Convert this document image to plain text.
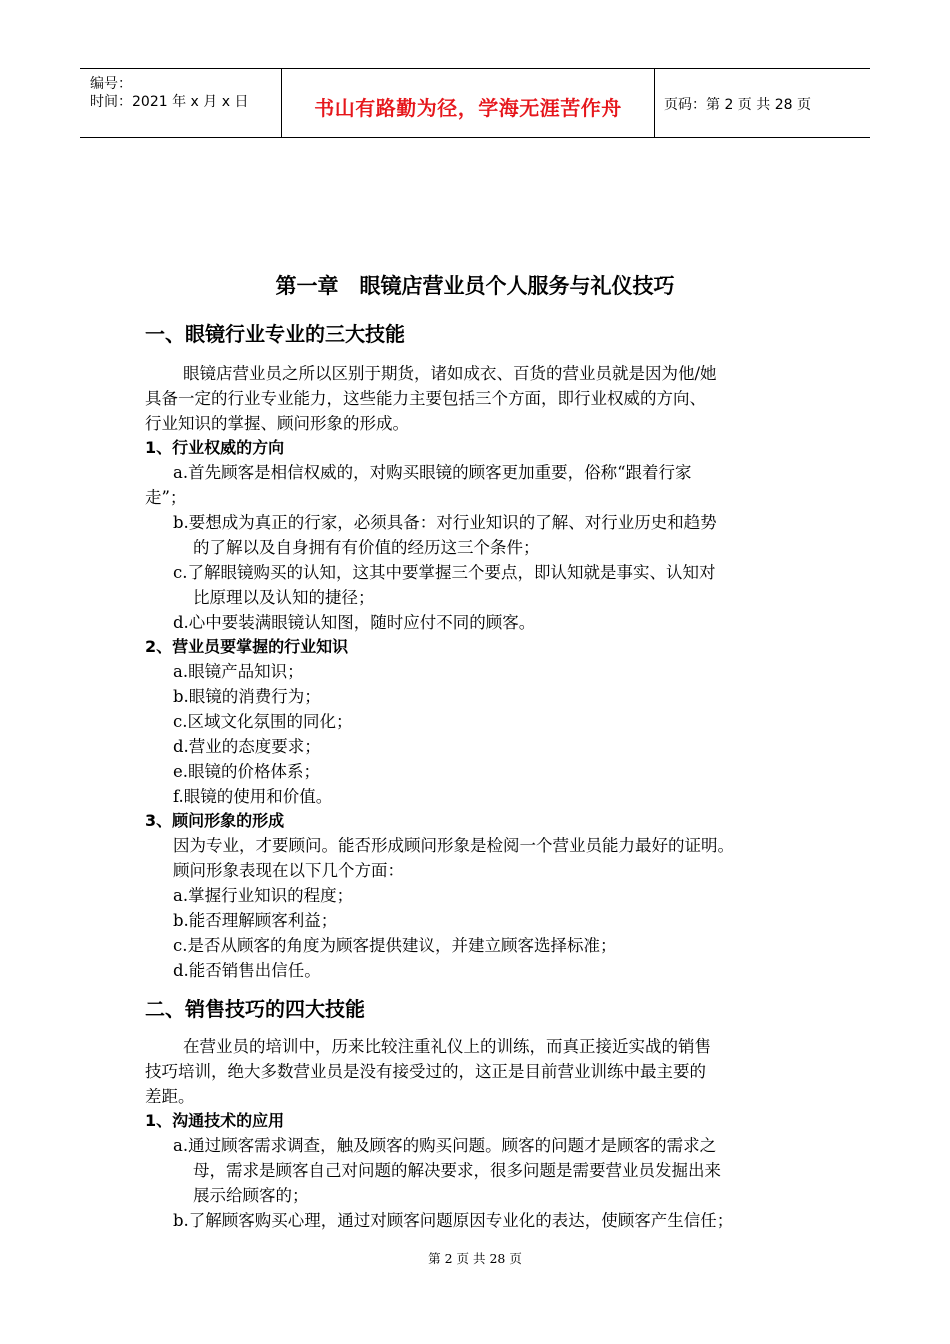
编号：
时间：2021 年 x 月 x 日	书山有路勤为径，学海无涯苦作舟	页码：第 2 页 共 28 页
第一章　眼镜店营业员个人服务与礼仪技巧
一、眼镜行业专业的三大技能
眼镜店营业员之所以区别于期货，诸如成衣、百货的营业员就是因为他/她
具备一定的行业专业能力，这些能力主要包括三个方面，即行业权威的方向、
行业知识的掌握、顾问形象的形成。
1、行业权威的方向
a.首先顾客是相信权威的，对购买眼镜的顾客更加重要，俗称“跟着行家
走”；
b.要想成为真正的行家，必须具备：对行业知识的了解、对行业历史和趋势
的了解以及自身拥有有价值的经历这三个条件；
c.了解眼镜购买的认知，这其中要掌握三个要点，即认知就是事实、认知对
比原理以及认知的捷径；
d.心中要装满眼镜认知图，随时应付不同的顾客。
2、营业员要掌握的行业知识
a.眼镜产品知识；
b.眼镜的消费行为；
c.区域文化氛围的同化；
d.营业的态度要求；
e.眼镜的价格体系；
f.眼镜的使用和价值。
3、顾问形象的形成
因为专业，才要顾问。能否形成顾问形象是检阅一个营业员能力最好的证明。
顾问形象表现在以下几个方面：
a.掌握行业知识的程度；
b.能否理解顾客利益；
c.是否从顾客的角度为顾客提供建议，并建立顾客选择标准；
d.能否销售出信任。
二、销售技巧的四大技能
在营业员的培训中，历来比较注重礼仪上的训练，而真正接近实战的销售
技巧培训，绝大多数营业员是没有接受过的，这正是目前营业训练中最主要的
差距。
1、沟通技术的应用
a.通过顾客需求调查，触及顾客的购买问题。顾客的问题才是顾客的需求之
母，需求是顾客自己对问题的解决要求，很多问题是需要营业员发掘出来
展示给顾客的；
b.了解顾客购买心理，通过对顾客问题原因专业化的表达，使顾客产生信任；
第 2 页 共 28 页
